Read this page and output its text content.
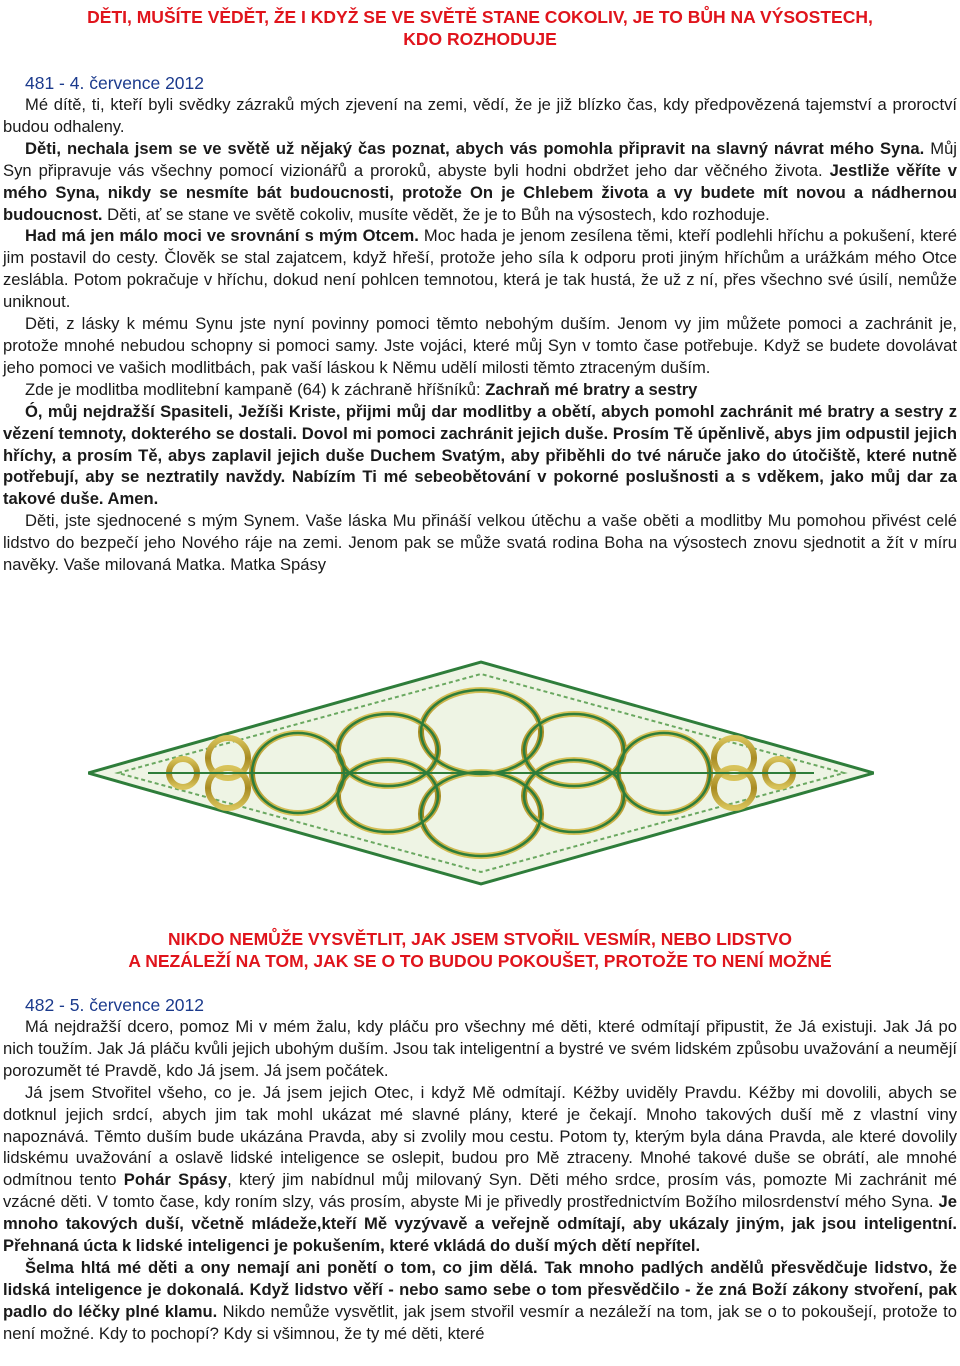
DĚTI, MUŠÍTE VĚDĚT, ŽE I KDYŽ SE VE SVĚTĚ STANE COKOLIV, JE TO BŮH NA VÝSOSTECH,

KDO ROZHODUJE

481 - 4. července 2012

Mé dítě, ti, kteří byli svědky zázraků mých zjevení na zemi, vědí, že je již blízko čas, kdy předpovězená tajemství a proroctví budou odhaleny.

Děti, nechala jsem se ve světě už nějaký čas poznat, abych vás pomohla připravit na slavný návrat mého Syna. Můj Syn připravuje vás všechny pomocí vizionářů a proroků, abyste byli hodni obdržet jeho dar věčného života. Jestliže věříte v mého Syna, nikdy se nesmíte bát budoucnosti, protože On je Chlebem života a vy budete mít novou a nádhernou budoucnost. Děti, ať se stane ve světě cokoliv, musíte vědět, že je to Bůh na výsostech, kdo rozhoduje.

Had má jen málo moci ve srovnání s mým Otcem. Moc hada je jenom zesílena těmi, kteří podlehli hříchu a pokušení, které jim postavil do cesty. Člověk se stal zajatcem, když hřeší, protože jeho síla k odporu proti jiným hříchům a urážkám mého Otce zeslábla. Potom pokračuje v hříchu, dokud není pohlcen temnotou, která je tak hustá, že už z ní, přes všechno své úsilí, nemůže uniknout.

Děti, z lásky k mému Synu jste nyní povinny pomoci těmto nebohým duším. Jenom vy jim můžete pomoci a zachránit je, protože mnohé nebudou schopny si pomoci samy. Jste vojáci, které můj Syn v tomto čase potřebuje. Když se budete dovolávat jeho pomoci ve vašich modlitbách, pak vaší láskou k Němu udělí milosti těmto ztraceným duším.

Zde je modlitba modlitební kampaně (64) k záchraně hříšníků: Zachraň mé bratry a sestry

Ó, můj nejdražší Spasiteli, Ježíši Kriste, přijmi můj dar modlitby a obětí, abych pomohl zachránit mé bratry a sestry z vězení temnoty, dokterého se dostali. Dovol mi pomoci zachránit jejich duše. Prosím Tě úpěnlivě, abys jim odpustil jejich hříchy, a prosím Tě, abys zaplavil jejich duše Duchem Svatým, aby přiběhli do tvé náruče jako do útočiště, které nutně potřebují, aby se neztratily navždy. Nabízím Ti mé sebeobětování v pokorné poslušnosti a s vděkem, jako můj dar za takové duše. Amen.

Děti, jste sjednocené s mým Synem. Vaše láska Mu přináší velkou útěchu a vaše oběti a modlitby Mu pomohou přivést celé lidstvo do bezpečí jeho Nového ráje na zemi. Jenom pak se může svatá rodina Boha na výsostech znovu sjednotit a žít v míru navěky. Vaše milovaná Matka. Matka Spásy

NIKDO NEMŮŽE VYSVĚTLIT, JAK JSEM STVOŘIL VESMÍR, NEBO LIDSTVO

A NEZÁLEŽÍ NA TOM, JAK SE O TO BUDOU POKOUŠET, PROTOŽE TO NENÍ MOŽNÉ

482 - 5. července 2012

Má nejdražší dcero, pomoz Mi v mém žalu, kdy pláču pro všechny mé děti, které odmítají připustit, že Já existuji. Jak Já po nich toužím. Jak Já pláču kvůli jejich ubohým duším. Jsou tak inteligentní a bystré ve svém lidském způsobu uvažování a neumějí porozumět té Pravdě, kdo Já jsem. Já jsem počátek.

Já jsem Stvořitel všeho, co je. Já jsem jejich Otec, i když Mě odmítají. Kéžby uviděly Pravdu. Kéžby mi dovolili, abych se dotknul jejich srdcí, abych jim tak mohl ukázat mé slavné plány, které je čekají. Mnoho takových duší mě z vlastní viny napoznává. Těmto duším bude ukázána Pravda, aby si zvolily mou cestu. Potom ty, kterým byla dána Pravda, ale které dovolily lidskému uvažování a oslavě lidské inteligence se oslepit, budou pro Mě ztraceny. Mnohé takové duše se obrátí, ale mnohé odmítnou tento Pohár Spásy, který jim nabídnul můj milovaný Syn. Děti mého srdce, prosím vás, pomozte Mi zachránit mé vzácné děti. V tomto čase, kdy roním slzy, vás prosím, abyste Mi je přivedly prostřednictvím Božího milosrdenství mého Syna. Je mnoho takových duší, včetně mládeže,kteří Mě vyzývavě a veřejně odmítají, aby ukázaly jiným, jak jsou inteligentní. Přehnaná úcta k lidské inteligenci je pokušením, které vkládá do duší mých dětí nepřítel.

Šelma hltá mé děti a ony nemají ani ponětí o tom, co jim dělá. Tak mnoho padlých andělů přesvědčuje lidstvo, že lidská inteligence je dokonalá. Když lidstvo věří - nebo samo sebe o tom přesvědčilo - že zná Boží zákony stvoření, pak padlo do léčky plné klamu. Nikdo nemůže vysvětlit, jak jsem stvořil vesmír a nezáleží na tom, jak se o to pokoušejí, protože to není možné. Kdy to pochopí? Kdy si všimnou, že ty mé děti, které
